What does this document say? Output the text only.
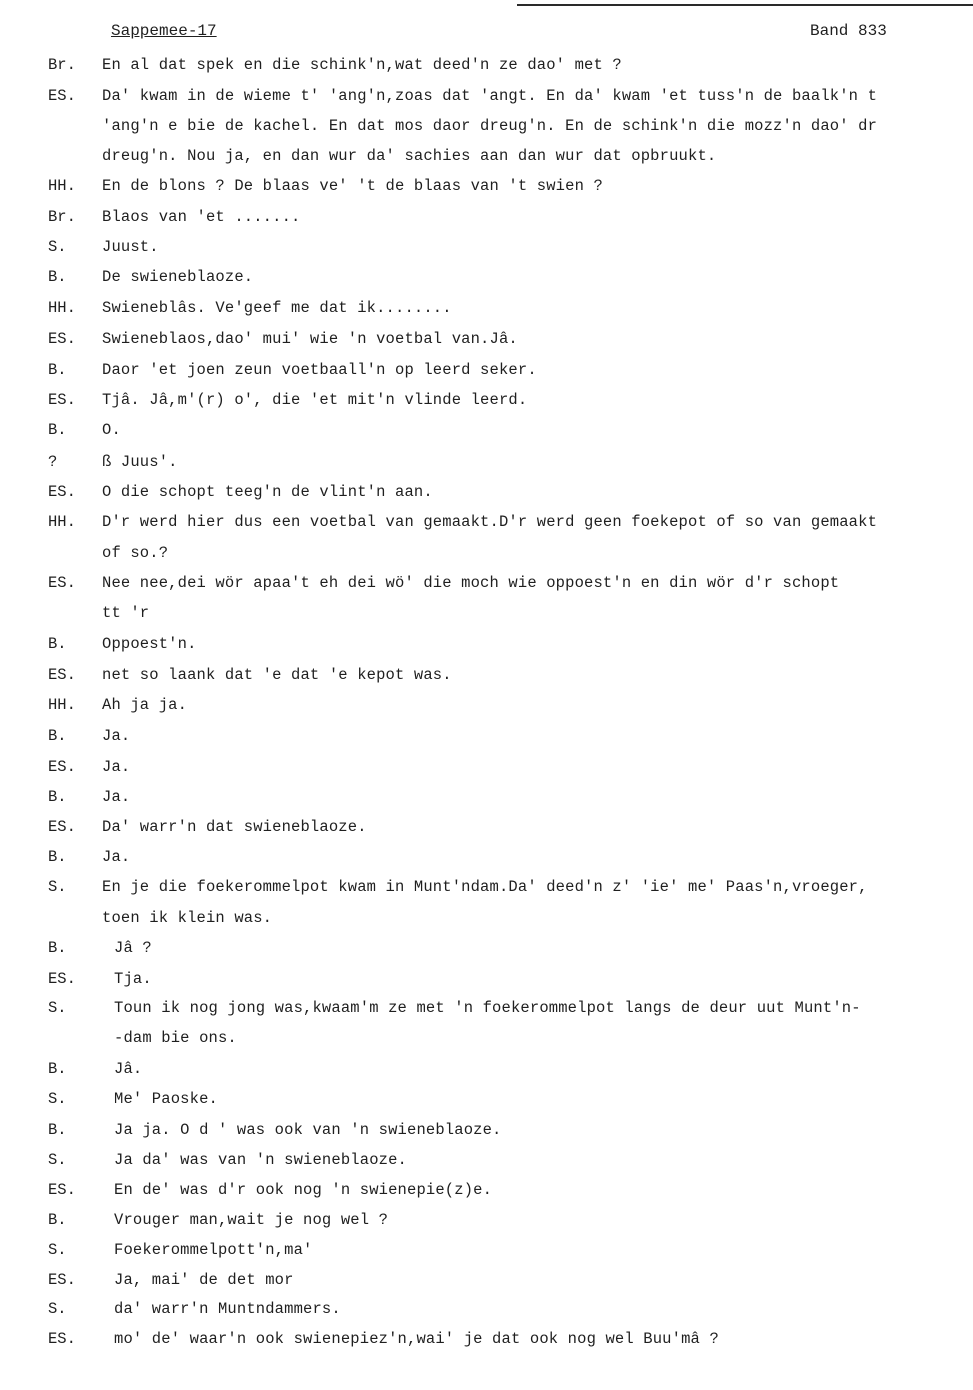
Sappemee-17	Band 833
Br. En al dat spek en die schink'n,wat deed'n ze dao' met ?
ES. Da' kwam in de wieme t' 'ang'n,zoas dat 'angt. En da' kwam 'et tuss'n de baalk'n t
'ang'n e bie de kachel. En dat mos daor dreug'n. En de schink'n die mozz'n dao' dr
dreug'n. Nou ja, en dan wur da' sachies aan dan wur dat opbruukt.
HH. En de blons ? De blaas ve' 't de blaas van 't swien ?
Br. Blaos van 'et .......
S. Juust.
B. De swieneblaoze.
HH. Swieneblâs. Ve'geef me dat ik........
ES. Swieneblaos,dao' mui' wie 'n voetbal van.Jâ.
B. Daor 'et joen zeun voetbaall'n op leerd seker.
ES. Tjâ. Jâ,m'(r) o', die 'et mit'n vlinde leerd.
B. O.
?	ß Juus'.
ES. O die schopt teeg'n de vlint'n aan.
HH. D'r werd hier dus een voetbal van gemaakt.D'r werd geen foekepot of so van gemaakt
of so.?
ES. Nee nee,dei wör apaa't eh dei wö' die moch wie oppoest'n en din wör d'r schopt
tt 'r
B. Oppoest'n.
ES. net so laank dat 'e dat 'e kepot was.
HH. Ah ja ja.
B. Ja.
ES. Ja.
B. Ja.
ES. Da' warr'n dat swieneblaoze.
B. Ja.
S. En je die foekerommelpot kwam in Munt'ndam.Da' deed'n z' 'ie' me' Paas'n,vroeger,
toen ik klein was.
B.	Jâ ?
ES. Tja.
S.	Toun ik nog jong was,kwaam'm ze met 'n foekerommelpot langs de deur uut Munt'n-
-dam bie ons.
B.	Jâ.
S.	Me' Paoske.
B.	Ja ja. O d ' was ook van 'n swieneblaoze.
S.	Ja da' was van 'n swieneblaoze.
ES. En de' was d'r ook nog 'n swienepie(z)e.
B.	Vrouger man,wait je nog wel ?
S.	Foekerommelpott'n,ma'
ES. Ja, mai' de det mor
S.	da' warr'n Muntndammers.
ES. mo' de' waar'n ook swienepiez'n,wai' je dat ook nog wel Buu'mâ ?
